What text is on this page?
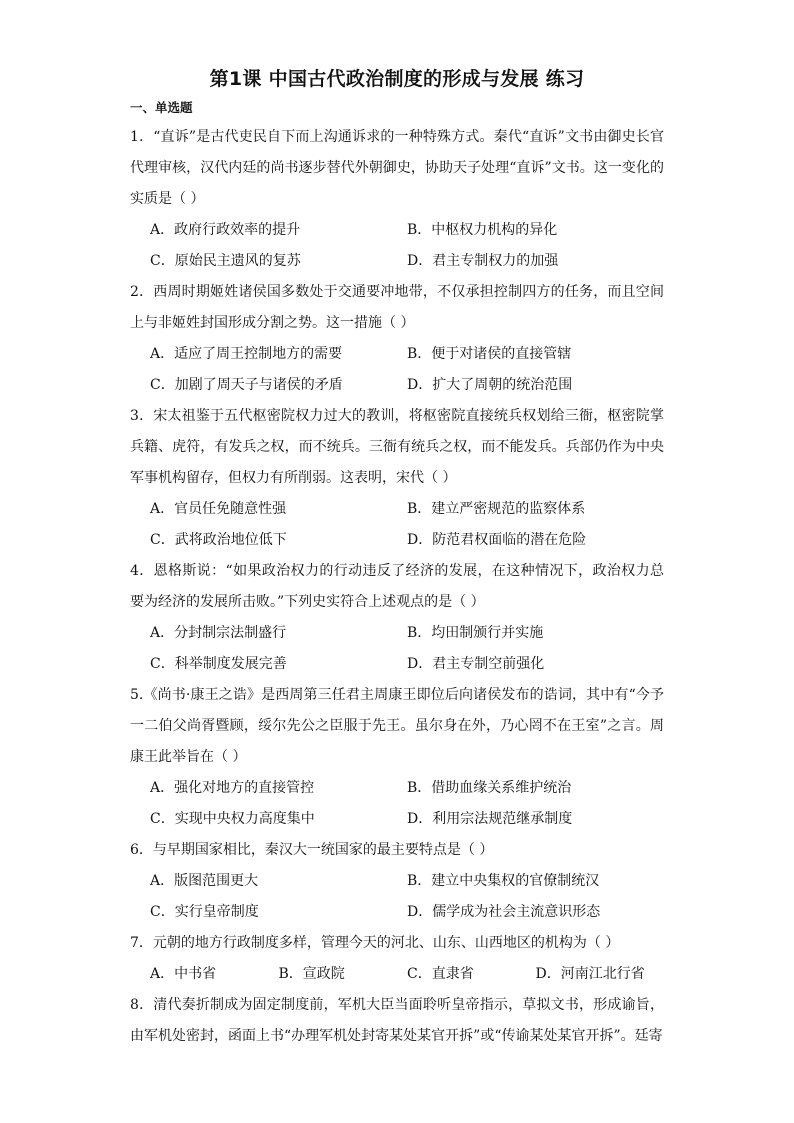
第1课 中国古代政治制度的形成与发展 练习
一、单选题

1．“直诉”是古代吏民自下而上沟通诉求的一种特殊方式。秦代“直诉”文书由御史长官代理审核，汉代内廷的尚书逐步替代外朝御史，协助天子处理“直诉”文书。这一变化的实质是（ ）

A．政府行政效率的提升	B．中枢权力机构的异化
C．原始民主遗风的复苏	D．君主专制权力的加强

2．西周时期姬姓诸侯国多数处于交通要冲地带，不仅承担控制四方的任务，而且空间上与非姬姓封国形成分割之势。这一措施（ ）

A．适应了周王控制地方的需要	B．便于对诸侯的直接管辖
C．加剧了周天子与诸侯的矛盾	D．扩大了周朝的统治范围

3．宋太祖鉴于五代枢密院权力过大的教训，将枢密院直接统兵权划给三衙，枢密院掌兵籍、虎符，有发兵之权，而不统兵。三衙有统兵之权，而不能发兵。兵部仍作为中央军事机构留存，但权力有所削弱。这表明，宋代（ ）

A．官员任免随意性强	B．建立严密规范的监察体系
C．武将政治地位低下	D．防范君权面临的潜在危险

4．恩格斯说：“如果政治权力的行动违反了经济的发展，在这种情况下，政治权力总要为经济的发展所击败。”下列史实符合上述观点的是（ ）

A．分封制宗法制盛行	B．均田制颁行并实施
C．科举制度发展完善	D．君主专制空前强化

5.《尚书·康王之诰》是西周第三任君主周康王即位后向诸侯发布的诰词，其中有“今予一二伯父尚胥暨顾，绥尔先公之臣服于先王。虽尔身在外，乃心罔不在王室”之言。周康王此举旨在（ ）

A．强化对地方的直接管控	B．借助血缘关系维护统治
C．实现中央权力高度集中	D．利用宗法规范继承制度

6．与早期国家相比，秦汉大一统国家的最主要特点是（ ）

A．版图范围更大	B．建立中央集权的官僚制统汉
C．实行皇帝制度	D．儒学成为社会主流意识形态

7．元朝的地方行政制度多样，管理今天的河北、山东、山西地区的机构为（ ）

A．中书省	B．宣政院	C．直隶省	D．河南江北行省

8．清代奏折制成为固定制度前，军机大臣当面聆听皇帝指示，草拟文书，形成谕旨，由军机处密封，函面上书“办理军机处封寄某处某官开拆”或“传谕某处某官开拆”。廷寄
